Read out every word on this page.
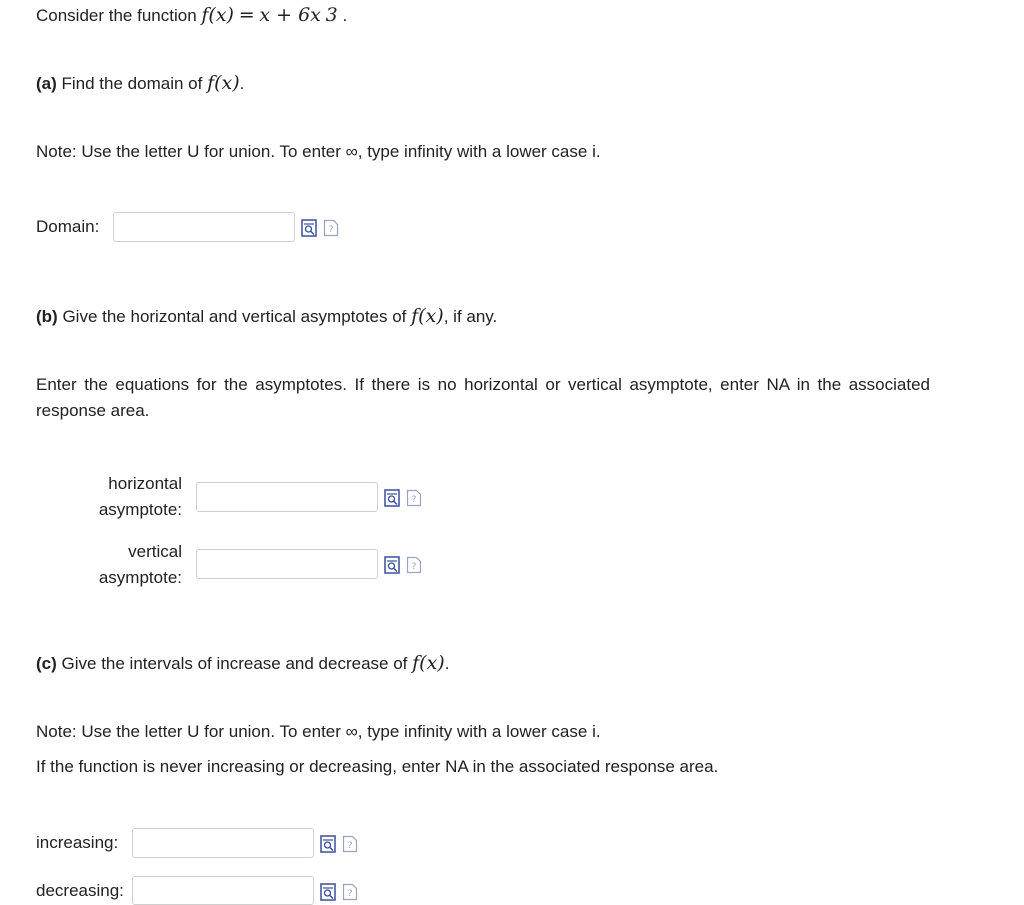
Consider the function f(x) = x + 6x 3 .
(a) Find the domain of f(x).
Note: Use the letter U for union. To enter ∞, type infinity with a lower case i.
Domain:	?
(b) Give the horizontal and vertical asymptotes of f(x), if any.
Enter the equations for the asymptotes. If there is no horizontal or vertical asymptote, enter NA in the associated response area.
horizontal
asymptote:	?
vertical
asymptote:
?
(c) Give the intervals of increase and decrease of f(x).
Note: Use the letter U for union. To enter ∞, type infinity with a lower case i.
If the function is never increasing or decreasing, enter NA in the associated response area.
increasing:	?
decreasing:	?
